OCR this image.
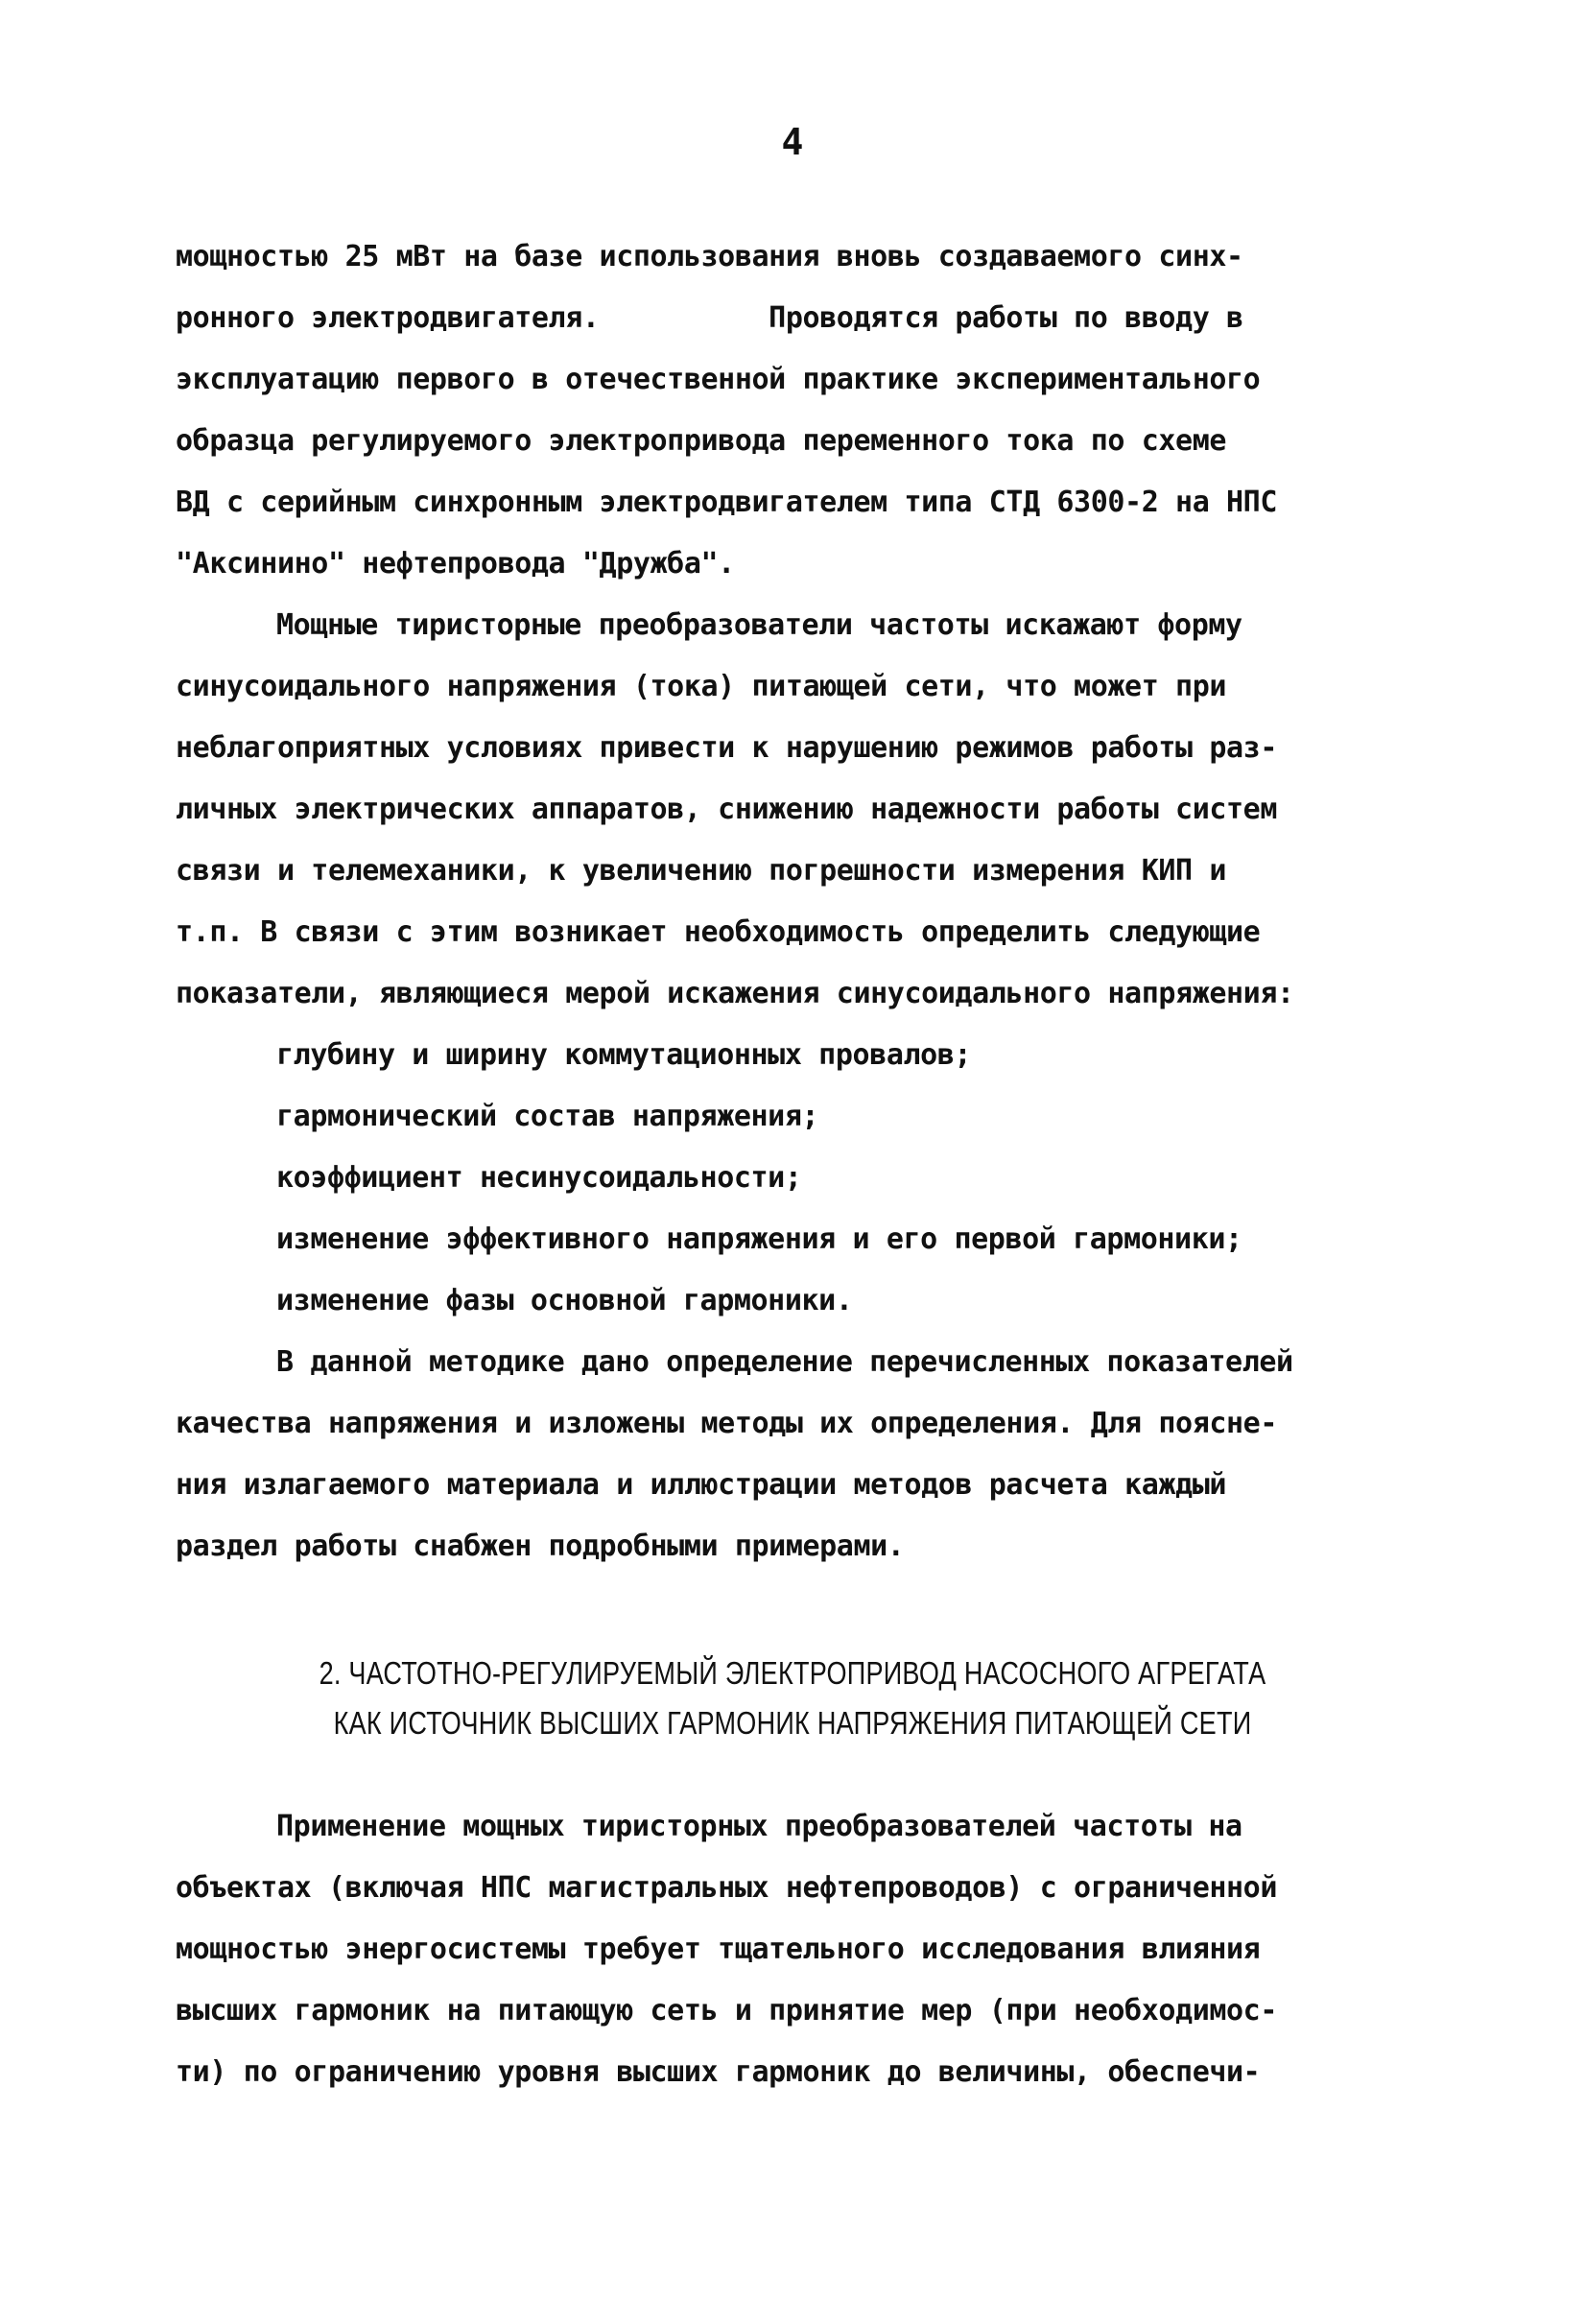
4
мощностью 25 мВт на базе использования вновь создаваемого синх-
ронного электродвигателя.          Проводятся работы по вводу в
эксплуатацию первого в отечественной практике экспериментального
образца регулируемого электропривода переменного тока по схеме
ВД с серийным синхронным электродвигателем типа СТД 6300-2 на НПС
"Аксинино" нефтепровода "Дружба".
Мощные тиристорные преобразователи частоты искажают форму
синусоидального напряжения (тока) питающей сети, что может при
неблагоприятных условиях привести к нарушению режимов работы раз-
личных электрических аппаратов, снижению надежности работы систем
связи и телемеханики, к увеличению погрешности измерения КИП и
т.п. В связи с этим возникает необходимость определить следующие
показатели, являющиеся мерой искажения синусоидального напряжения:
глубину и ширину коммутационных провалов;
гармонический состав напряжения;
коэффициент несинусоидальности;
изменение эффективного напряжения и его первой гармоники;
изменение фазы основной гармоники.
В данной методике дано определение перечисленных показателей
качества напряжения и изложены методы их определения. Для поясне-
ния излагаемого материала и иллюстрации методов расчета каждый
раздел работы снабжен подробными примерами.
2. ЧАСТОТНО-РЕГУЛИРУЕМЫЙ ЭЛЕКТРОПРИВОД НАСОСНОГО АГРЕГАТА
КАК ИСТОЧНИК ВЫСШИХ ГАРМОНИК НАПРЯЖЕНИЯ ПИТАЮЩЕЙ СЕТИ
Применение мощных тиристорных преобразователей частоты на
объектах (включая НПС магистральных нефтепроводов) с ограниченной
мощностью энергосистемы требует тщательного исследования влияния
высших гармоник на питающую сеть и принятие мер (при необходимос-
ти) по ограничению уровня высших гармоник до величины, обеспечи-
